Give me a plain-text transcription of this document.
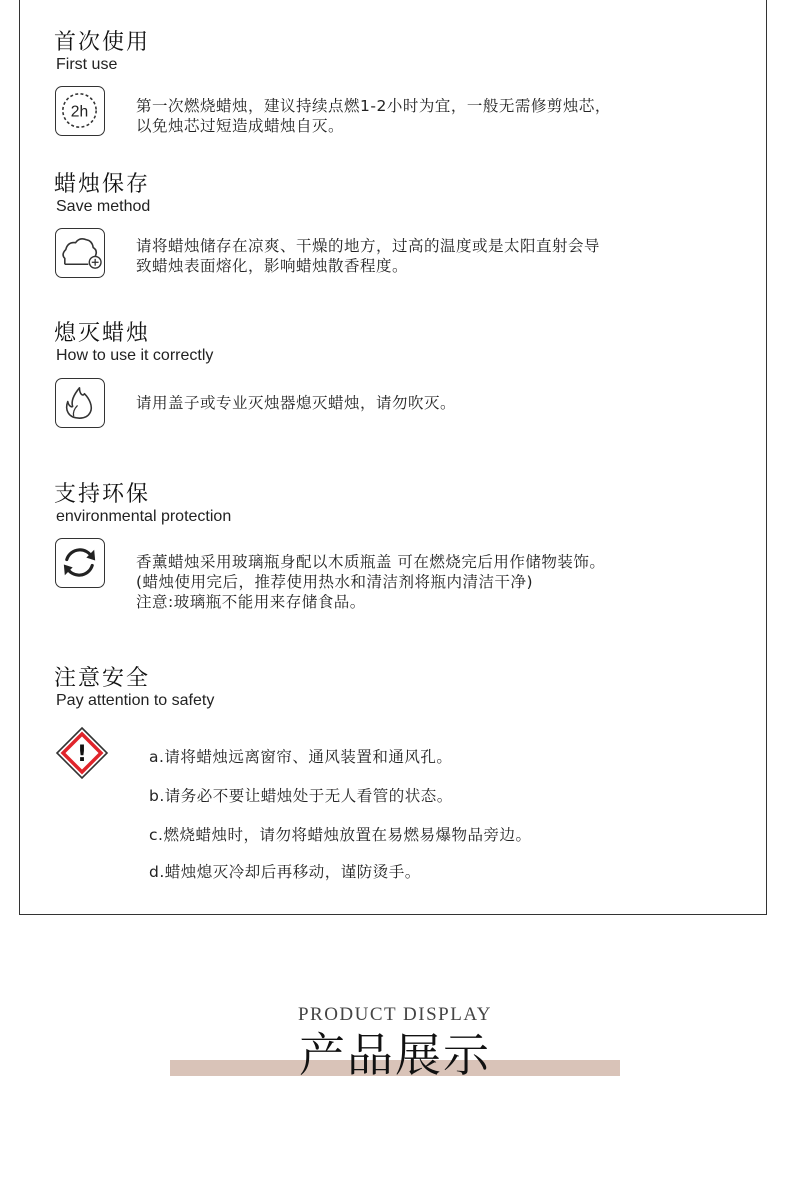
首次使用
First use
2h	第一次燃烧蜡烛，建议持续点燃1-2小时为宜，一般无需修剪烛芯，
以免烛芯过短造成蜡烛自灭。
蜡烛保存
Save method
请将蜡烛储存在凉爽、干燥的地方，过高的温度或是太阳直射会导
致蜡烛表面熔化，影响蜡烛散香程度。
熄灭蜡烛
How to use it correctly
请用盖子或专业灭烛器熄灭蜡烛，请勿吹灭。
支持环保
environmental protection
香薰蜡烛采用玻璃瓶身配以木质瓶盖 可在燃烧完后用作储物装饰。
(蜡烛使用完后，推荐使用热水和清洁剂将瓶内清洁干净)
注意:玻璃瓶不能用来存储食品。
注意安全
Pay attention to safety
!	a.请将蜡烛远离窗帘、通风装置和通风孔。
b.请务必不要让蜡烛处于无人看管的状态。
c.燃烧蜡烛时，请勿将蜡烛放置在易燃易爆物品旁边。
d.蜡烛熄灭冷却后再移动，谨防烫手。
PRODUCT DISPLAY
产品展示
